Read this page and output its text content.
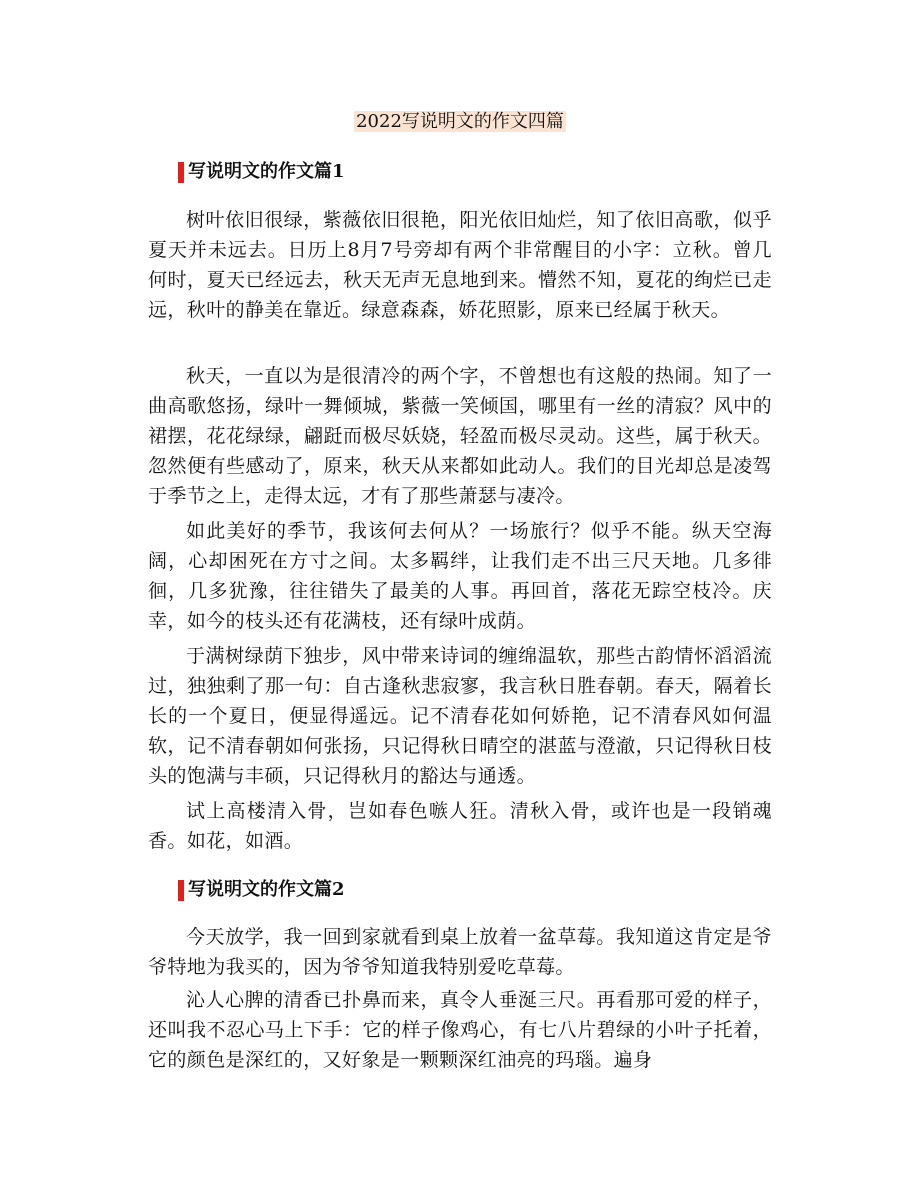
2022写说明文的作文四篇
写说明文的作文篇1

树叶依旧很绿，紫薇依旧很艳，阳光依旧灿烂，知了依旧高歌，似乎夏天并未远去。日历上8月7号旁却有两个非常醒目的小字：立秋。曾几何时，夏天已经远去，秋天无声无息地到来。懵然不知，夏花的绚烂已走远，秋叶的静美在靠近。绿意森森，娇花照影，原来已经属于秋天。

秋天，一直以为是很清冷的两个字，不曾想也有这般的热闹。知了一曲高歌悠扬，绿叶一舞倾城，紫薇一笑倾国，哪里有一丝的清寂？风中的裙摆，花花绿绿，翩跹而极尽妖娆，轻盈而极尽灵动。这些，属于秋天。忽然便有些感动了，原来，秋天从来都如此动人。我们的目光却总是凌驾于季节之上，走得太远，才有了那些萧瑟与凄冷。

如此美好的季节，我该何去何从？一场旅行？似乎不能。纵天空海阔，心却困死在方寸之间。太多羁绊，让我们走不出三尺天地。几多徘徊，几多犹豫，往往错失了最美的人事。再回首，落花无踪空枝冷。庆幸，如今的枝头还有花满枝，还有绿叶成荫。

于满树绿荫下独步，风中带来诗词的缠绵温软，那些古韵情怀滔滔流过，独独剩了那一句：自古逢秋悲寂寥，我言秋日胜春朝。春天，隔着长长的一个夏日，便显得遥远。记不清春花如何娇艳，记不清春风如何温软，记不清春朝如何张扬，只记得秋日晴空的湛蓝与澄澈，只记得秋日枝头的饱满与丰硕，只记得秋月的豁达与通透。

试上高楼清入骨，岂如春色嗾人狂。清秋入骨，或许也是一段销魂香。如花，如酒。

写说明文的作文篇2

今天放学，我一回到家就看到桌上放着一盆草莓。我知道这肯定是爷爷特地为我买的，因为爷爷知道我特别爱吃草莓。

沁人心脾的清香已扑鼻而来，真令人垂涎三尺。再看那可爱的样子，还叫我不忍心马上下手：它的样子像鸡心，有七八片碧绿的小叶子托着，它的颜色是深红的，又好象是一颗颗深红油亮的玛瑙。遍身
